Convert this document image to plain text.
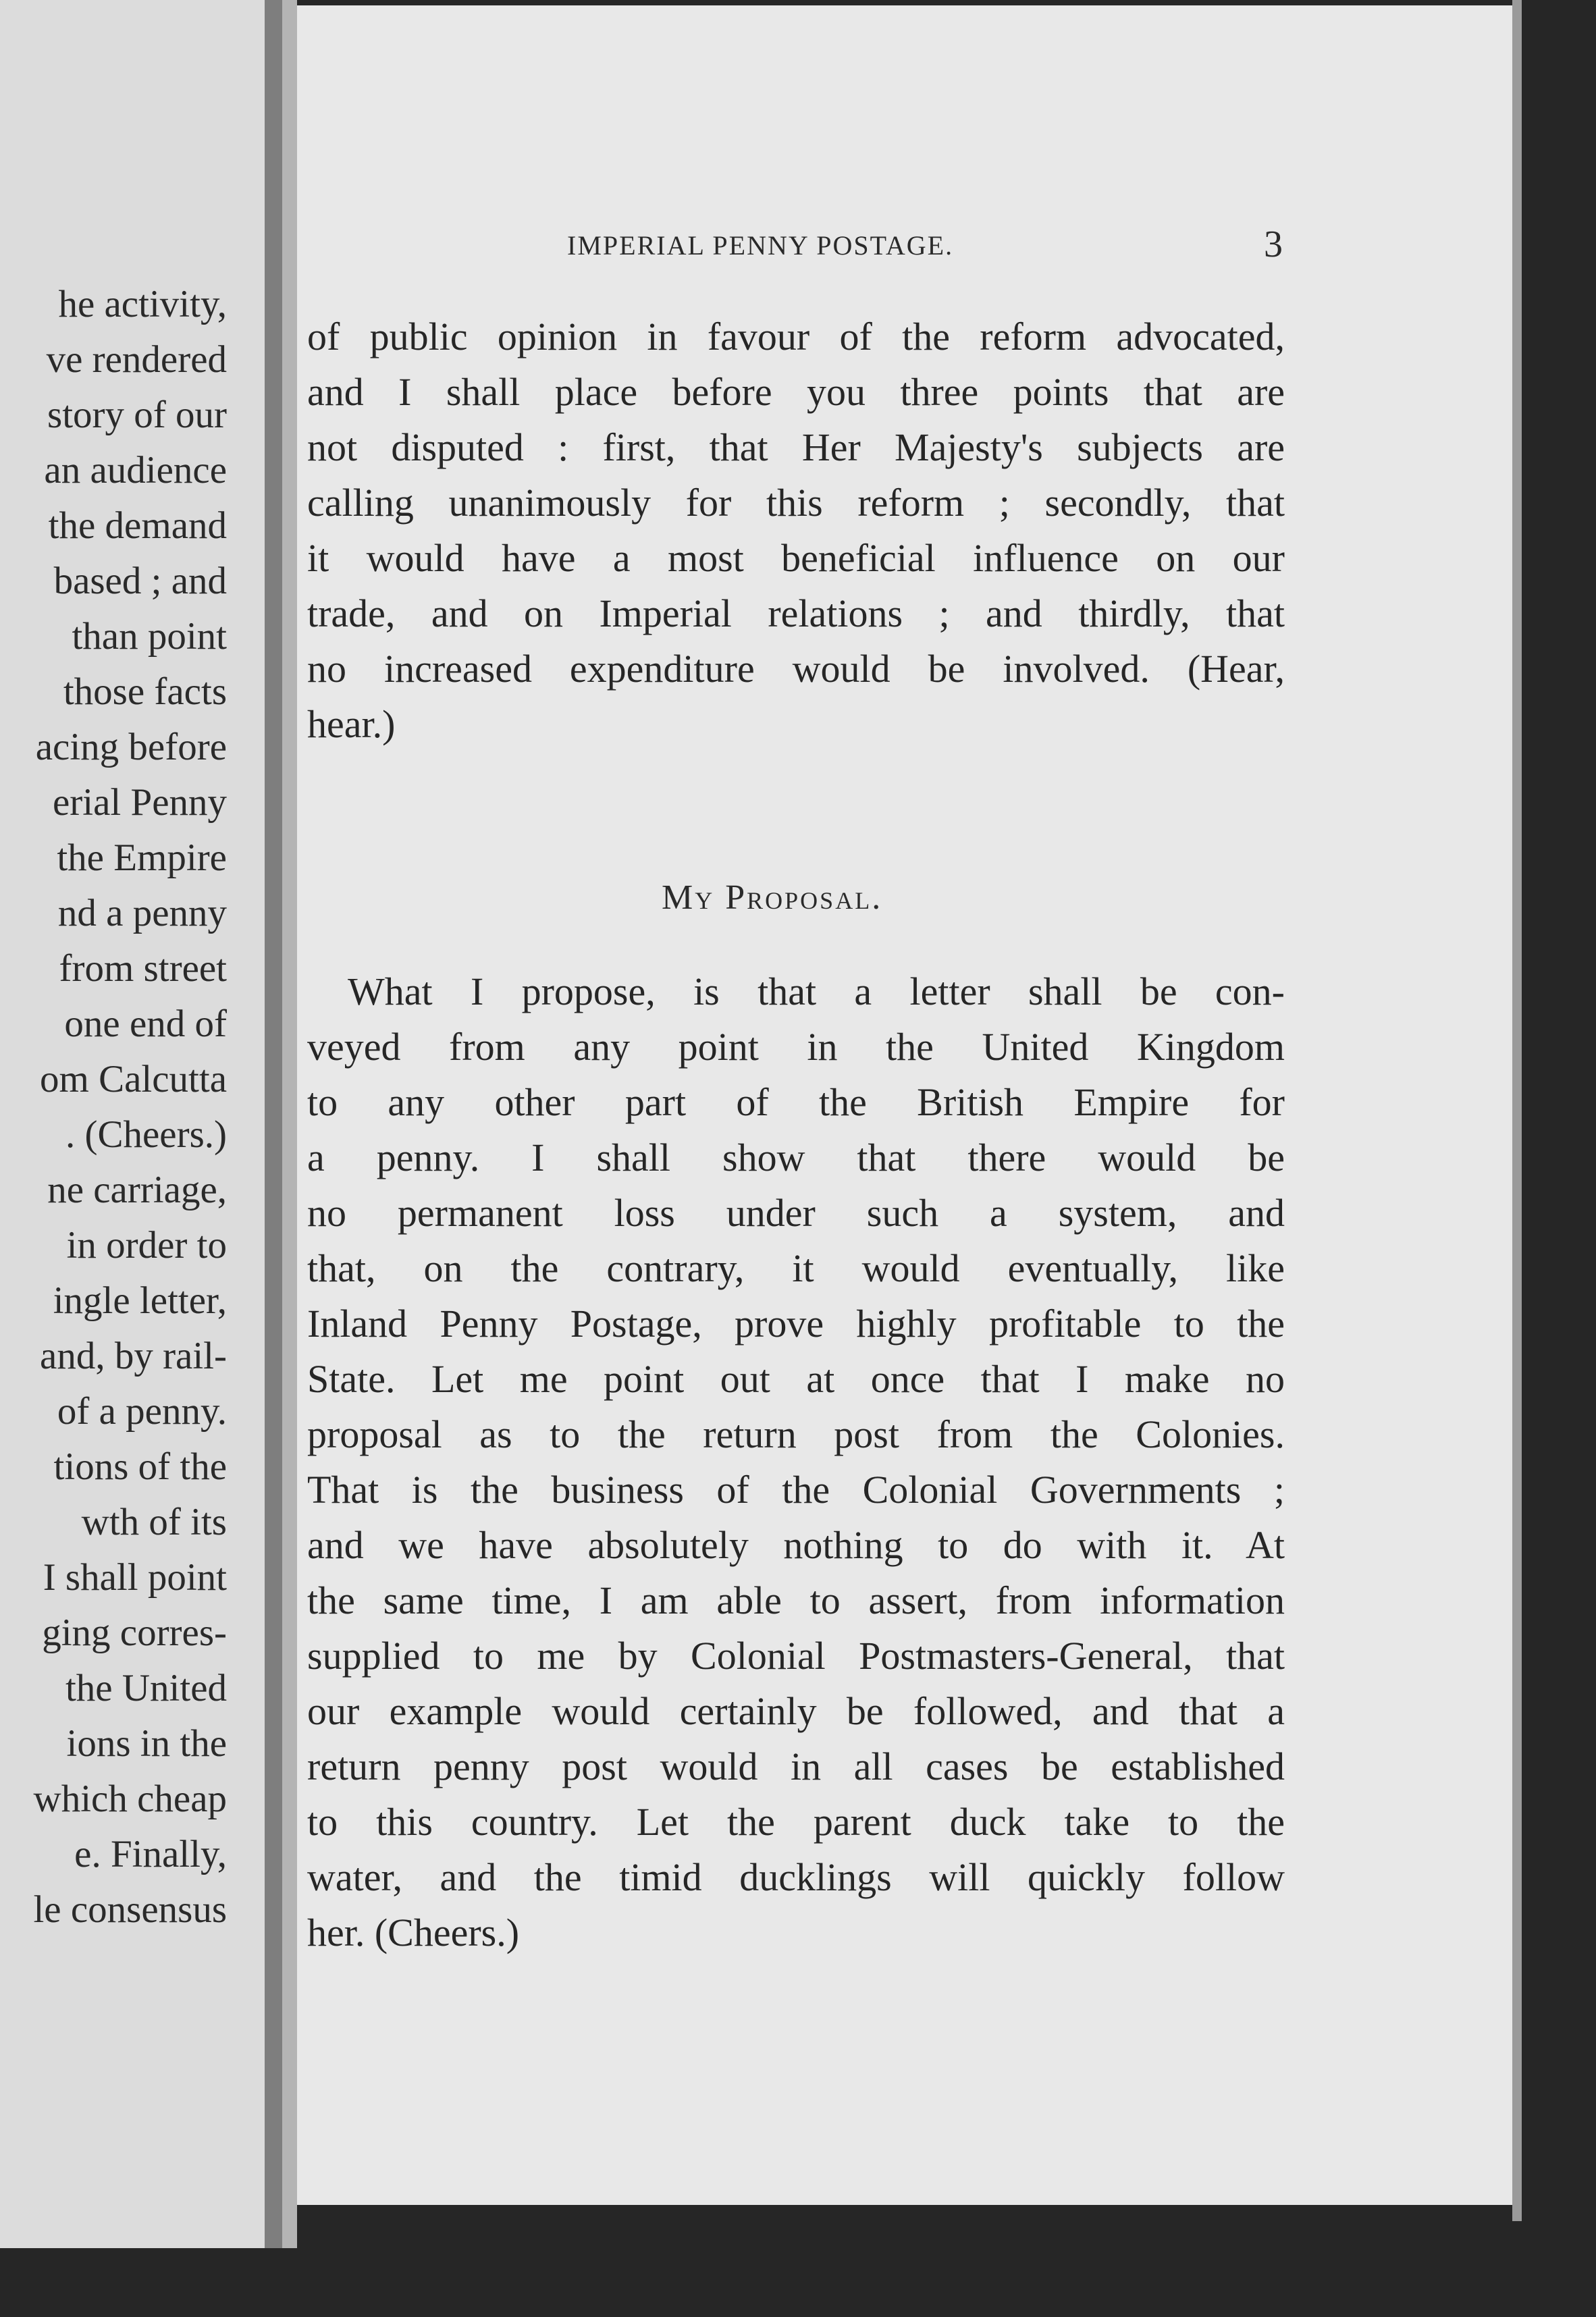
he activity,
ve rendered
story of our
an audience
the demand
based ; and
than point
those facts
acing before
erial Penny
the Empire
nd a penny
from street
one end of
om Calcutta
. (Cheers.)
ne carriage,
in order to
ingle letter,
and, by rail-
of a penny.
tions of the
wth of its
I shall point
ging corres-
the United
ions in the
which cheap
e. Finally,
le consensus
IMPERIAL PENNY POSTAGE.	3
of public opinion in favour of the reform advocated,
and I shall place before you three points that are
not disputed : first, that Her Majesty's subjects are
calling unanimously for this reform ; secondly, that
it would have a most beneficial influence on our
trade, and on Imperial relations ; and thirdly, that
no increased expenditure would be involved. (Hear,
hear.)
My Proposal.
What I propose, is that a letter shall be con-
veyed from any point in the United Kingdom
to any other part of the British Empire for
a penny. I shall show that there would be
no permanent loss under such a system, and
that, on the contrary, it would eventually, like
Inland Penny Postage, prove highly profitable to the
State. Let me point out at once that I make no
proposal as to the return post from the Colonies.
That is the business of the Colonial Governments ;
and we have absolutely nothing to do with it. At
the same time, I am able to assert, from information
supplied to me by Colonial Postmasters-General, that
our example would certainly be followed, and that a
return penny post would in all cases be established
to this country. Let the parent duck take to the
water, and the timid ducklings will quickly follow
her. (Cheers.)
